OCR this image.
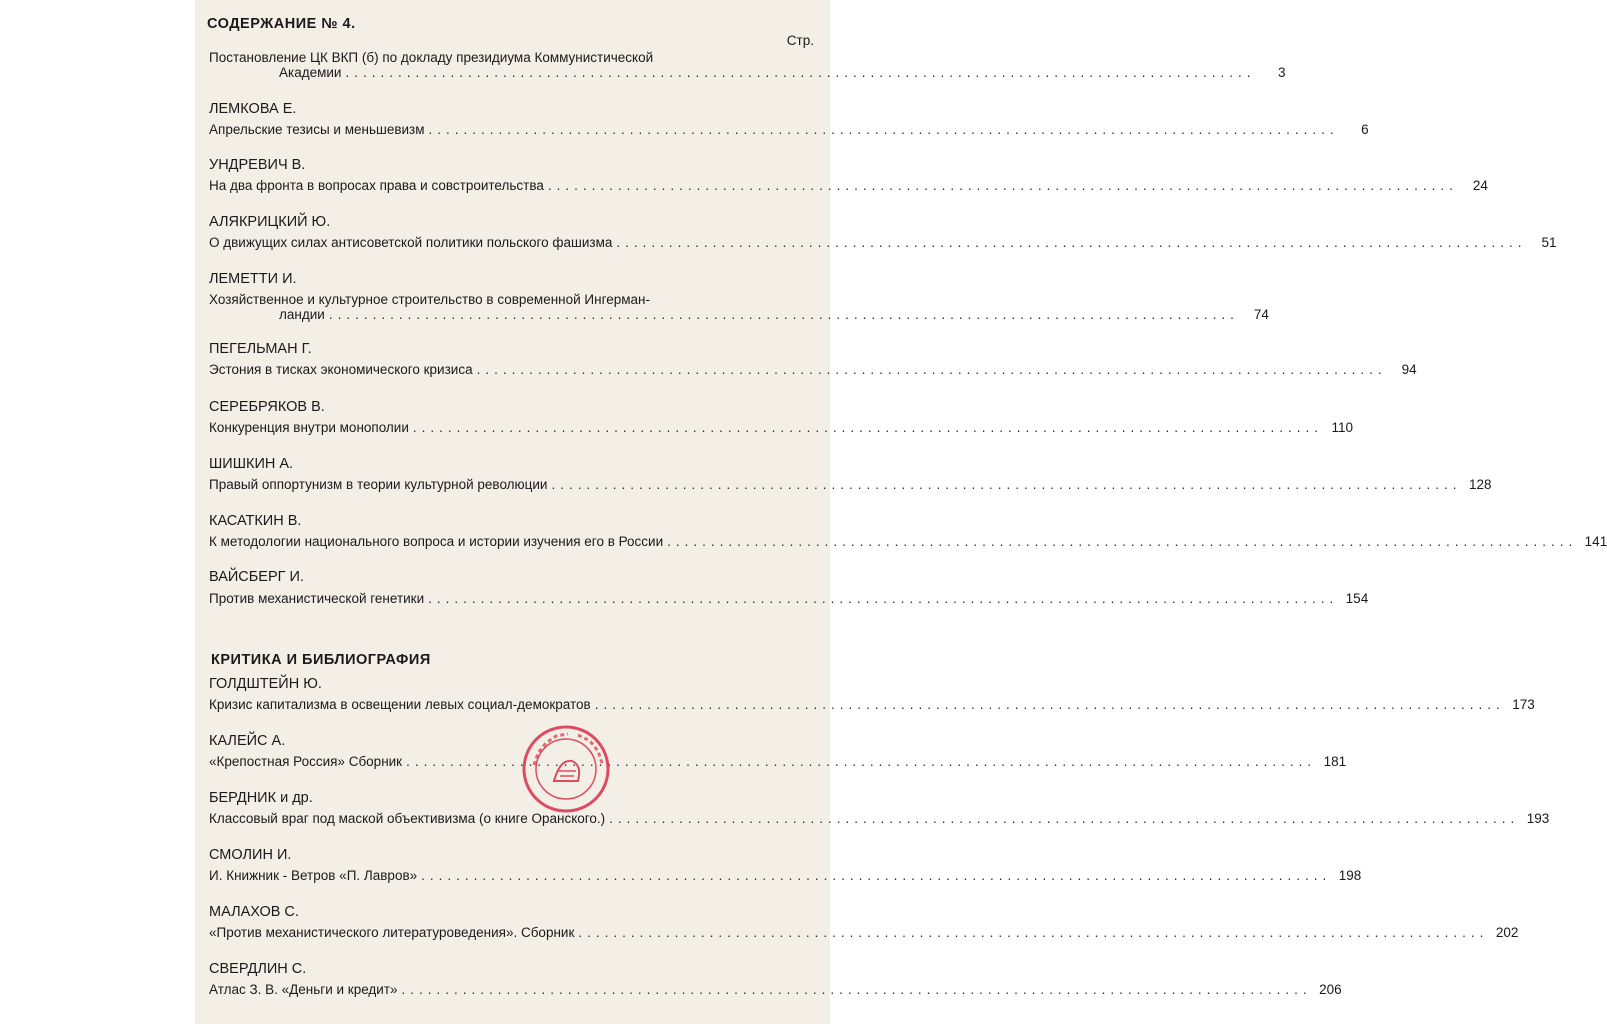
СОДЕРЖАНИЕ № 4.
Стр.
Постановление ЦК ВКП (б) по докладу президиума Коммунистической
Академии ........................................................................................................	3
ЛЕМКОВА Е.
Апрельские тезисы и меньшевизм ........................................................................................................	6
УНДРЕВИЧ В.
На два фронта в вопросах права и совстроительства ........................................................................................................	24
АЛЯКРИЦКИЙ Ю.
О движущих силах антисоветской политики польского фашизма ........................................................................................................	51
ЛЕМЕТТИ И.
Хозяйственное и культурное строительство в современной Ингерман-
ландии ........................................................................................................	74
ПЕГЕЛЬМАН Г.
Эстония в тисках экономического кризиса ........................................................................................................	94
СЕРЕБРЯКОВ В.
Конкуренция внутри монополии ........................................................................................................ 110
ШИШКИН А.
Правый оппортунизм в теории культурной революции ........................................................................................................ 128
КАСАТКИН В.
К методологии национального вопроса и истории изучения его в России ........................................................................................................ 141
ВАЙСБЕРГ И.
Против механистической генетики ........................................................................................................ 154
КРИТИКА И БИБЛИОГРАФИЯ
ГОЛДШТЕЙН Ю.
Кризис капитализма в освещении левых социал-демократов ........................................................................................................ 173
КАЛЕЙС А.
«Крепостная Россия» Сборник ........................................................................................................ 181
БЕРДНИК и др.
Классовый враг под маской объективизма (о книге Оранского.) ........................................................................................................ 193
СМОЛИН И.
И. Книжник - Ветров «П. Лавров» ........................................................................................................ 198
МАЛАХОВ С.
«Против механистического литературоведения». Сборник ........................................................................................................ 202
СВЕРДЛИН С.
Атлас З. В. «Деньги и кредит» ........................................................................................................ 206
